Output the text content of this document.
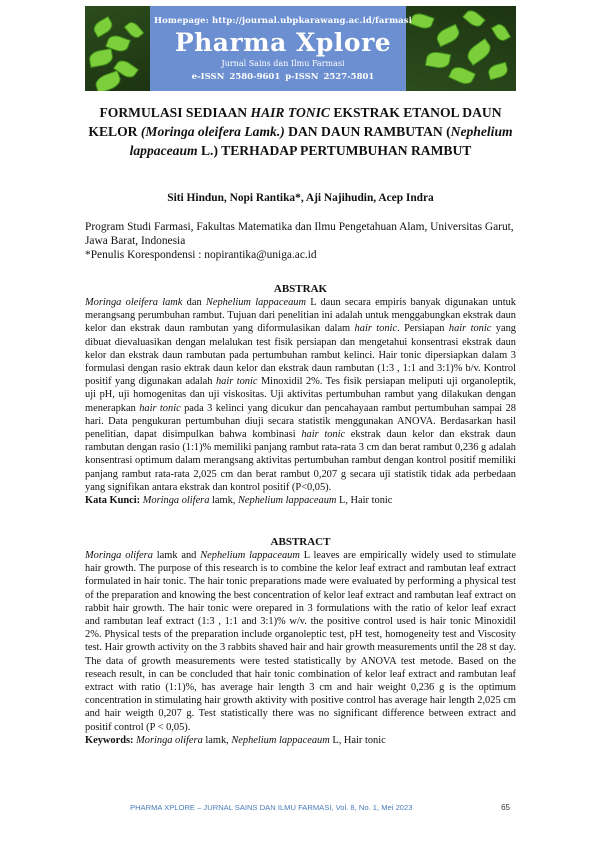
Homepage: http://journal.ubpkarawang.ac.id/farmasi
Pharma Xplore
Jurnal Sains dan Ilmu Farmasi
e-ISSN 2580-9601 p-ISSN 2527-5801
FORMULASI SEDIAAN HAIR TONIC EKSTRAK ETANOL DAUN KELOR (Moringa oleifera Lamk.) DAN DAUN RAMBUTAN (Nephelium lappaceaum L.) TERHADAP PERTUMBUHAN RAMBUT
Siti Hindun, Nopi Rantika*, Aji Najihudin, Acep Indra
Program Studi Farmasi, Fakultas Matematika dan Ilmu Pengetahuan Alam, Universitas Garut, Jawa Barat, Indonesia
*Penulis Korespondensi : nopirantika@uniga.ac.id
ABSTRAK
Moringa oleifera lamk dan Nephelium lappaceaum L daun secara empiris banyak digunakan untuk merangsang perumbuhan rambut. Tujuan dari penelitian ini adalah untuk menggabungkan ekstrak daun kelor dan ekstrak daun rambutan yang diformulasikan dalam hair tonic. Persiapan hair tonic yang dibuat dievaluasikan dengan melalukan test fisik persiapan dan mengetahui konsentrasi ekstrak daun kelor dan ekstrak daun rambutan pada pertumbuhan rambut kelinci. Hair tonic dipersiapkan dalam 3 formulasi dengan rasio ektrak daun kelor dan ekstrak daun rambutan (1:3 , 1:1 and 3:1)% b/v. Kontrol positif yang digunakan adalah hair tonic Minoxidil 2%. Tes fisik persiapan meliputi uji organoleptik, uji pH, uji homogenitas dan uji viskositas. Uji aktivitas pertumbuhan rambut yang dilakukan dengan menerapkan hair tonic pada 3 kelinci yang dicukur dan pencahayaan rambut pertumbuhan sampai 28 hari. Data pengukuran pertumbuhan diuji secara statistik menggunakan ANOVA. Berdasarkan hasil penelitian, dapat disimpulkan bahwa kombinasi hair tonic ekstrak daun kelor dan ekstrak daun rambutan dengan rasio (1:1)% memiliki panjang rambut rata-rata 3 cm dan berat rambut 0,236 g adalah konsentrasi optimum dalam merangsang aktivitas pertumbuhan rambut dengan kontrol positif memiliki panjang rambut rata-rata 2,025 cm dan berat rambut 0,207 g secara uji statistik tidak ada perbedaan yang signifikan antara ekstrak dan kontrol positif (P<0,05).
Kata Kunci: Moringa olifera lamk, Nephelium lappaceaum L, Hair tonic
ABSTRACT
Moringa olifera lamk and Nephelium lappaceaum L leaves are empirically widely used to stimulate hair growth. The purpose of this research is to combine the kelor leaf extract and rambutan leaf extract formulated in hair tonic. The hair tonic preparations made were evaluated by performing a physical test of the preparation and knowing the best concentration of kelor leaf extract and rambutan leaf extract on rabbit hair growth. The hair tonic were orepared in 3 formulations with the ratio of kelor leaf exract and rambutan leaf extract (1:3 , 1:1 and 3:1)% w/v. the positive control used is hair tonic Minoxidil 2%. Physical tests of the preparation include organoleptic test, pH test, homogeneity test and Viscosity test. Hair growth activity on the 3 rabbits shaved hair and hair growth measurements until the 28 st day. The data of growth measurements were tested statistically by ANOVA test metode. Based on the reseach result, in can be concluded that hair tonic combination of kelor leaf extract and rambutan leaf extract with ratio (1:1)%, has average hair length 3 cm and hair weight 0,236 g is the optimum concentration in stimulating hair growth aktivity with positive control has average hair length 2,025 cm and hair weigth 0,207 g. Test statistically there was no significant difference between extract and positif control (P < 0,05).
Keywords: Moringa olifera lamk, Nephelium lappaceaum L, Hair tonic
PHARMA XPLORE – JURNAL SAINS DAN ILMU FARMASI, Vol. 8, No. 1, Mei 2023	65
